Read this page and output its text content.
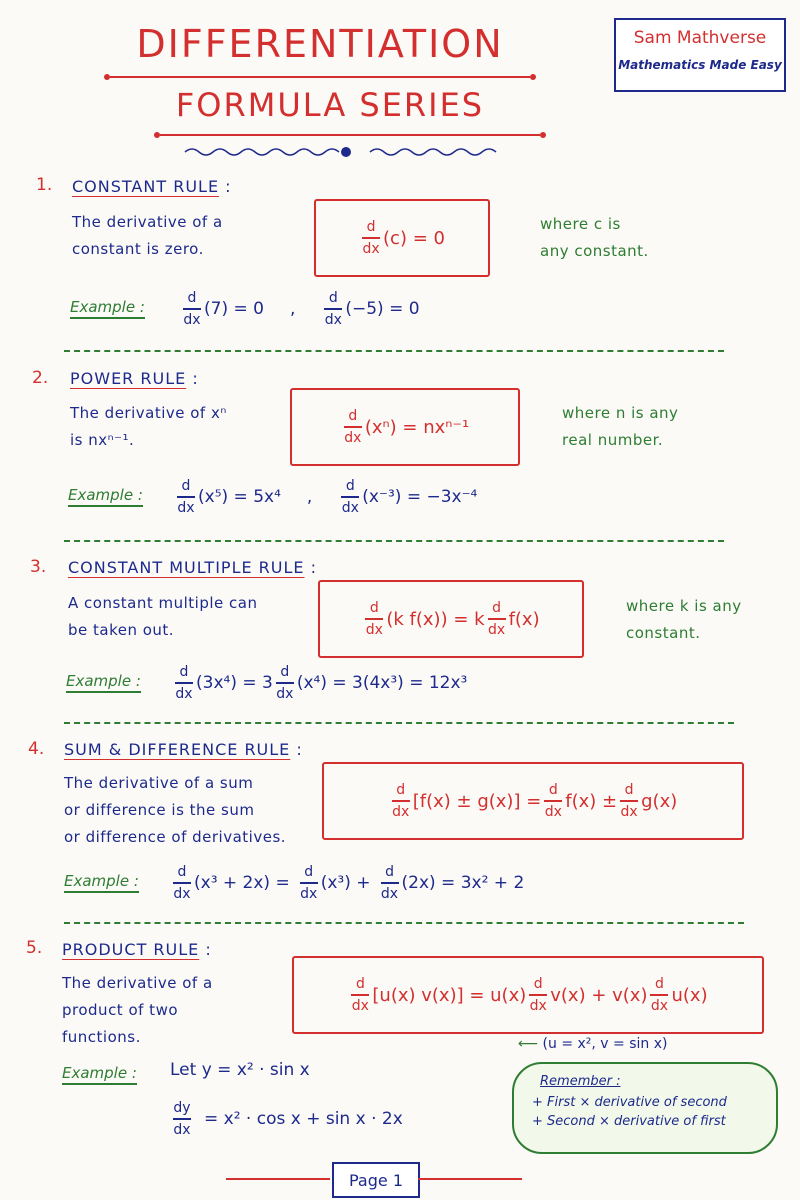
DIFFERENTIATION
FORMULA SERIES
Sam Mathverse
Mathematics Made Easy
1. CONSTANT RULE :
The derivative of a
constant is zero.	$\frac{d}{dx} (c) = 0$
where c is
any constant.
Example :	$\frac{d}{dx} (7) = 0$ , $\frac{d}{dx} (-5) = 0$
2. POWER RULE :
The derivative of xⁿ
is nxⁿ⁻¹.	$\frac{d}{dx} (x^n) = nx^{n-1}$
where n is any
real number.
Example : $\frac{d}{dx} (x^5) = 5x^4$ , $\frac{d}{dx} (x^{-3}) = -3x^{-4}$
3. CONSTANT MULTIPLE RULE :
A constant multiple can
be taken out.	$\frac{d}{dx} (k$ f(x)) = k $\frac{d}{dx} f(x)$
where k is any
constant.
Example : $\frac{d}{dx} (3x^4) = 3 \frac{d}{dx} (x^4) = 3(4x^3) = 12x^3$
4. SUM & DIFFERENCE RULE :
The derivative of a sum
or difference is the sum
or difference of derivatives.
$\frac{d}{dx} [f(x) \pm g(x)] = \frac{d}{dx} f(x) \pm \frac{d}{dx} g(x)$
Example : $\frac{d}{dx} (x^3 + 2x) = \frac{d}{dx} (x^3) + \frac{d}{dx} (2x) = 3x^2 + 2$
5. PRODUCT RULE :
The derivative of a
product of two
functions.
$\frac{d}{dx} [u(x) v(x)] = u(x) \frac{d}{dx} v(x) + v(x) \frac{d}{dx} u(x)$
⟵ (u = x², v = sin x)
Example : Let y = x² · sin x
$\frac{dy}{dx} = x^2 \cdot \cos x + \sin x \cdot 2x$
Remember :
+ First × derivative of second
+ Second × derivative of first
Page 1
